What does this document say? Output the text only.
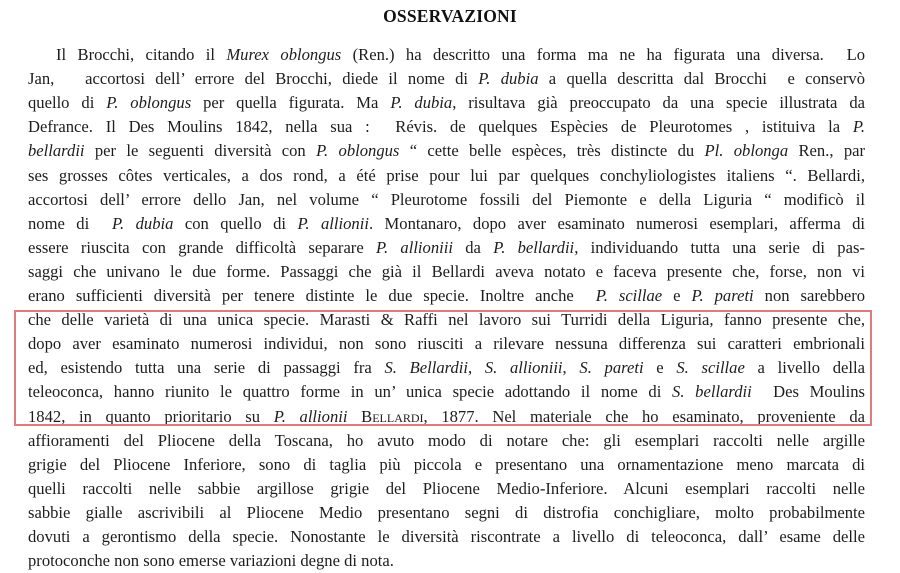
OSSERVAZIONI
Il Brocchi, citando il Murex oblongus (Ren.) ha descritto una forma ma ne ha figurata una diversa.  Lo
Jan,   accortosi dell’ errore del Brocchi, diede il nome di P. dubia a quella descritta dal Brocchi  e conservò
quello di P. oblongus per quella figurata. Ma P. dubia, risultava già preoccupato da una specie illustrata da
Defrance. Il Des Moulins 1842, nella sua :  Révis. de quelques Espècies de Pleurotomes , istituiva la P.
bellardii per le seguenti diversità con P. oblongus “ cette belle espèces, très distincte du Pl. oblonga Ren., par
ses grosses côtes verticales, a dos rond, a été prise pour lui par quelques conchyliologistes italiens “. Bellardi,
accortosi dell’ errore dello Jan, nel volume “ Pleurotome fossili del Piemonte e della Liguria “ modificò il
nome di  P. dubia con quello di P. allionii. Montanaro, dopo aver esaminato numerosi esemplari, afferma di
essere riuscita con grande difficoltà separare P. allioniii da P. bellardii, individuando tutta una serie di pas-
saggi che univano le due forme. Passaggi che già il Bellardi aveva notato e faceva presente che, forse, non vi
erano sufficienti diversità per tenere distinte le due specie. Inoltre anche  P. scillae e P. pareti non sarebbero
che delle varietà di una unica specie. Marasti & Raffi nel lavoro sui Turridi della Liguria, fanno presente che,
dopo aver esaminato numerosi individui, non sono riusciti a rilevare nessuna differenza sui caratteri embrionali
ed, esistendo tutta una serie di passaggi fra S. Bellardii, S. allioniii, S. pareti e S. scillae a livello della
teleoconca, hanno riunito le quattro forme in un’ unica specie adottando il nome di S. bellardii  Des Moulins
1842, in quanto prioritario su P. allionii Bellardi, 1877. Nel materiale che ho esaminato, proveniente da
affioramenti del Pliocene della Toscana, ho avuto modo di notare che: gli esemplari raccolti nelle argille
grigie del Pliocene Inferiore, sono di taglia più piccola e presentano una ornamentazione meno marcata di
quelli raccolti nelle sabbie argillose grigie del Pliocene Medio-Inferiore. Alcuni esemplari raccolti nelle
sabbie gialle ascrivibili al Pliocene Medio presentano segni di distrofia conchigliare, molto probabilmente
dovuti a gerontismo della specie. Nonostante le diversità riscontrate a livello di teleoconca, dall’ esame delle
protoconche non sono emerse variazioni degne di nota.
